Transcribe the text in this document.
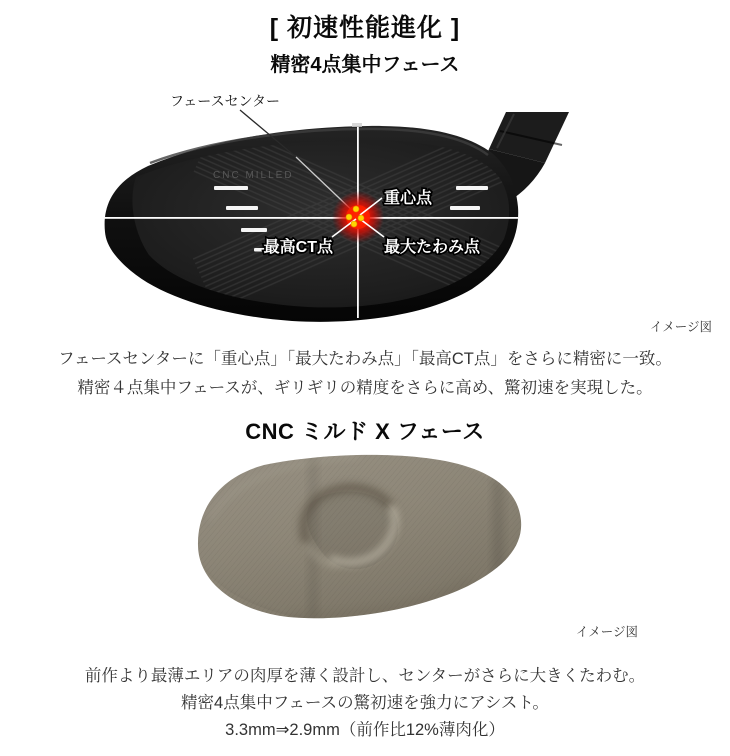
[ 初速性能進化 ]
精密4点集中フェース
CNC MILLED
フェースセンター
重心点
最高CT点	最大たわみ点
イメージ図
フェースセンターに「重心点」「最大たわみ点」「最高CT点」をさらに精密に一致。
精密４点集中フェースが、ギリギリの精度をさらに高め、驚初速を実現した。
CNC ミルド X フェース
イメージ図
前作より最薄エリアの肉厚を薄く設計し、センターがさらに大きくたわむ。
精密4点集中フェースの驚初速を強力にアシスト。
3.3mm⇒2.9mm（前作比12%薄肉化）
